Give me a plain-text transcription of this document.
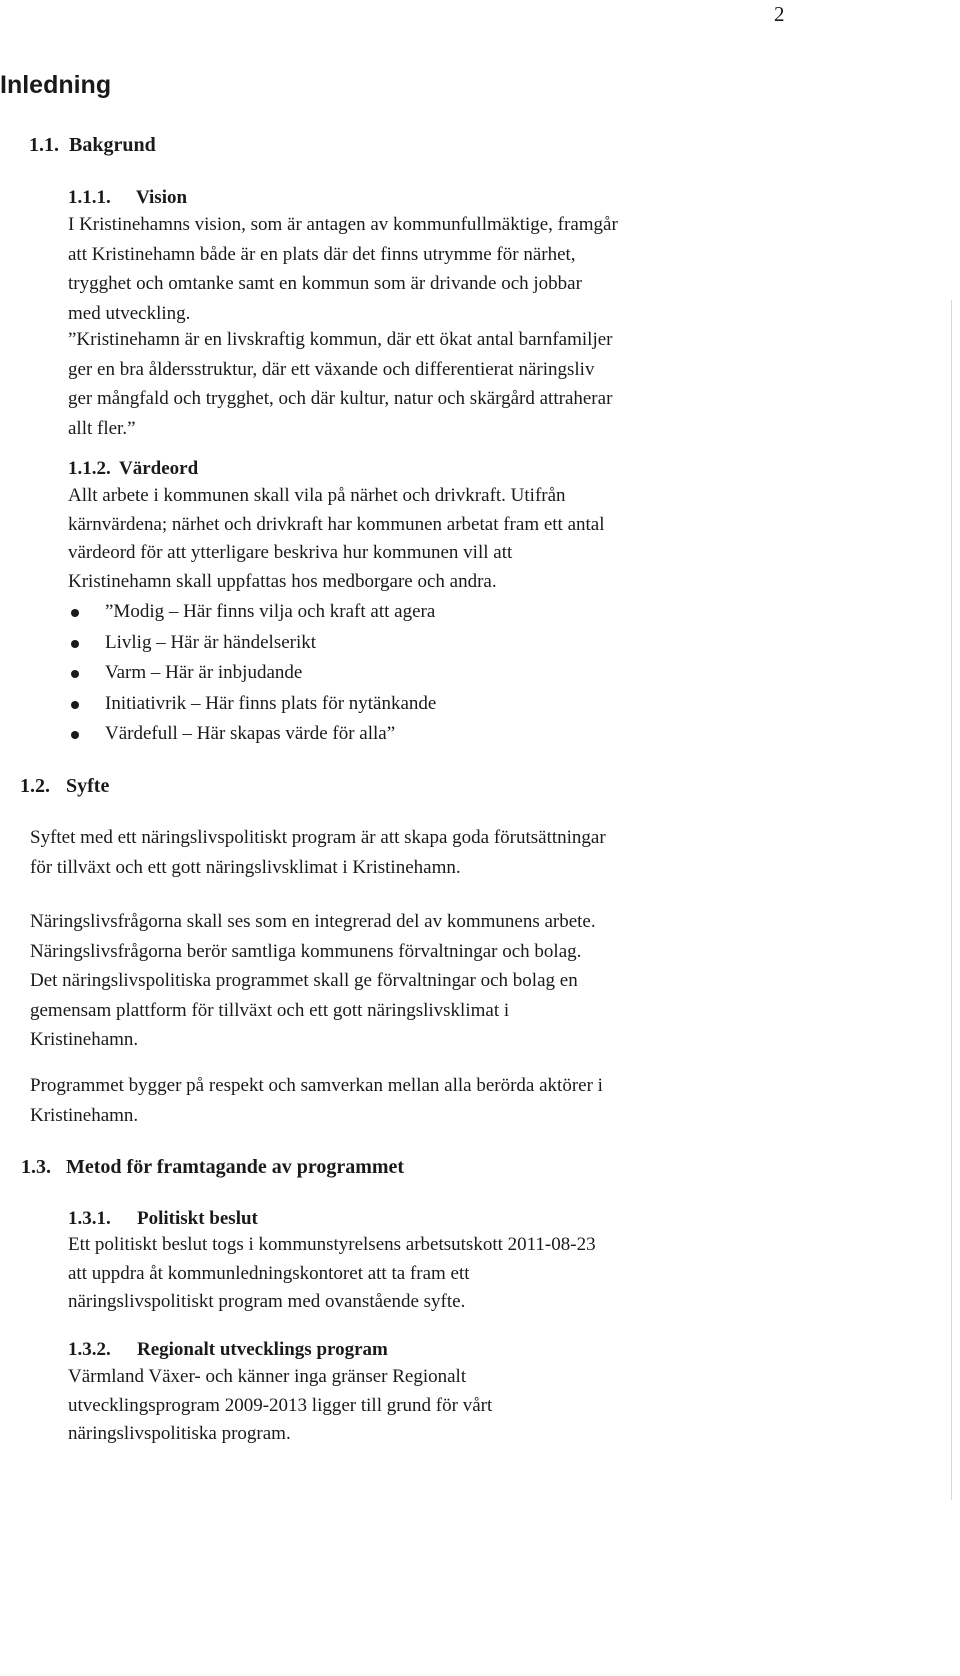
2
Inledning
1.1. Bakgrund
1.1.1. Vision
I Kristinehamns vision, som är antagen av kommunfullmäktige, framgår
att Kristinehamn både är en plats där det finns utrymme för närhet,
trygghet och omtanke samt en kommun som är drivande och jobbar
med utveckling.
”Kristinehamn är en livskraftig kommun, där ett ökat antal barnfamiljer
ger en bra åldersstruktur, där ett växande och differentierat näringsliv
ger mångfald och trygghet, och där kultur, natur och skärgård attraherar
allt fler.”
1.1.2. Värdeord
Allt arbete i kommunen skall vila på närhet och drivkraft. Utifrån
kärnvärdena; närhet och drivkraft har kommunen arbetat fram ett antal
värdeord för att ytterligare beskriva hur kommunen vill att
Kristinehamn skall uppfattas hos medborgare och andra.
”Modig – Här finns vilja och kraft att agera
Livlig – Här är händelserikt
Varm – Här är inbjudande
Initiativrik – Här finns plats för nytänkande
Värdefull – Här skapas värde för alla”
1.2. Syfte
Syftet med ett näringslivspolitiskt program är att skapa goda förutsättningar
för tillväxt och ett gott näringslivsklimat i Kristinehamn.
Näringslivsfrågorna skall ses som en integrerad del av kommunens arbete.
Näringslivsfrågorna berör samtliga kommunens förvaltningar och bolag.
Det näringslivspolitiska programmet skall ge förvaltningar och bolag en
gemensam plattform för tillväxt och ett gott näringslivsklimat i
Kristinehamn.
Programmet bygger på respekt och samverkan mellan alla berörda aktörer i
Kristinehamn.
1.3. Metod för framtagande av programmet
1.3.1. Politiskt beslut
Ett politiskt beslut togs i kommunstyrelsens arbetsutskott 2011-08-23
att uppdra åt kommunledningskontoret att ta fram ett
näringslivspolitiskt program med ovanstående syfte.
1.3.2. Regionalt utvecklings program
Värmland Växer- och känner inga gränser Regionalt
utvecklingsprogram 2009-2013 ligger till grund för vårt
näringslivspolitiska program.
